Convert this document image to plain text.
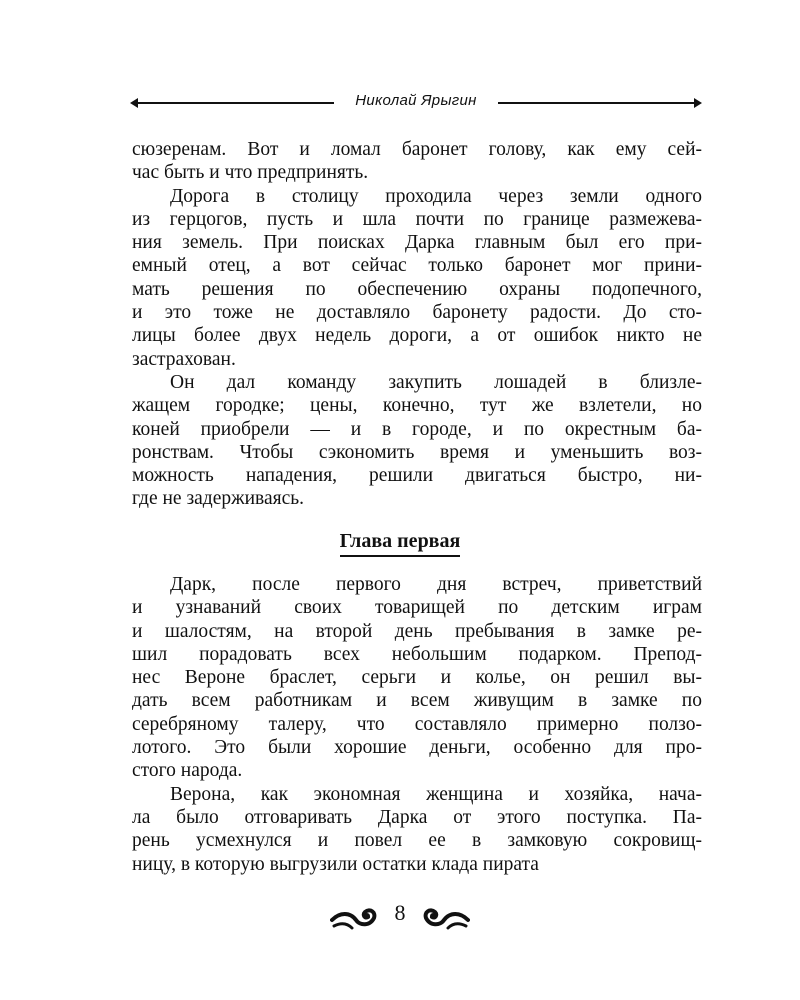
Николай Ярыгин

сюзеренам. Вот и ломал баронет голову, как ему сей-
час быть и что предпринять.

Дорога в столицу проходила через земли одного
из герцогов, пусть и шла почти по границе размежева-
ния земель. При поисках Дарка главным был его при-
емный отец, а вот сейчас только баронет мог прини-
мать решения по обеспечению охраны подопечного,
и это тоже не доставляло баронету радости. До сто-
лицы более двух недель дороги, а от ошибок никто не
застрахован.

Он дал команду закупить лошадей в близле-
жащем городке; цены, конечно, тут же взлетели, но
коней приобрели — и в городе, и по окрестным ба-
ронствам. Чтобы сэкономить время и уменьшить воз-
можность нападения, решили двигаться быстро, ни-
где не задерживаясь.

Глава первая

Дарк, после первого дня встреч, приветствий
и узнаваний своих товарищей по детским играм
и шалостям, на второй день пребывания в замке ре-
шил порадовать всех небольшим подарком. Препод-
нес Вероне браслет, серьги и колье, он решил вы-
дать всем работникам и всем живущим в замке по
серебряному талеру, что составляло примерно ползо-
лотого. Это были хорошие деньги, особенно для про-
стого народа.

Верона, как экономная женщина и хозяйка, нача-
ла было отговаривать Дарка от этого поступка. Па-
рень усмехнулся и повел ее в замковую сокровищ-
ницу, в которую выгрузили остатки клада пирата

8
